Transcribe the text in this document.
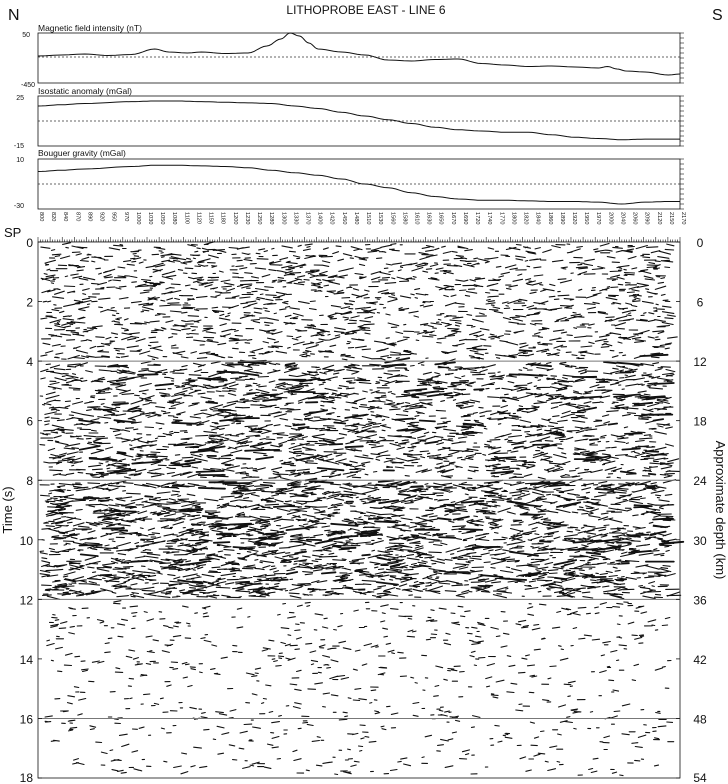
N	LITHOPROBE EAST - LINE 6	S
Magnetic field intensity (nT)
50
-450
Isostatic anomaly (mGal)
25
-15
Bouguer gravity (mGal)
10
-30
SP
800 820 840 870 890 920 950 970 1000 1030 1050 1080 1100 1120 1150 1180 1200 1230 1250 1280 1300 1330 1370 1400 1420 1450 1480 1510 1530 1560 1580 1610 1630 1650 1670 1690 1720 1740 1770 1800 1820 1840 1860 1890 1920 1950 1970 2000 2040 2060 2090 2120 2150 2170
0
2
4
6
8
10
12
14
16
18
0
6
12
18
24
30
36
42
48
54
Time (s)	Approximate depth (km)
